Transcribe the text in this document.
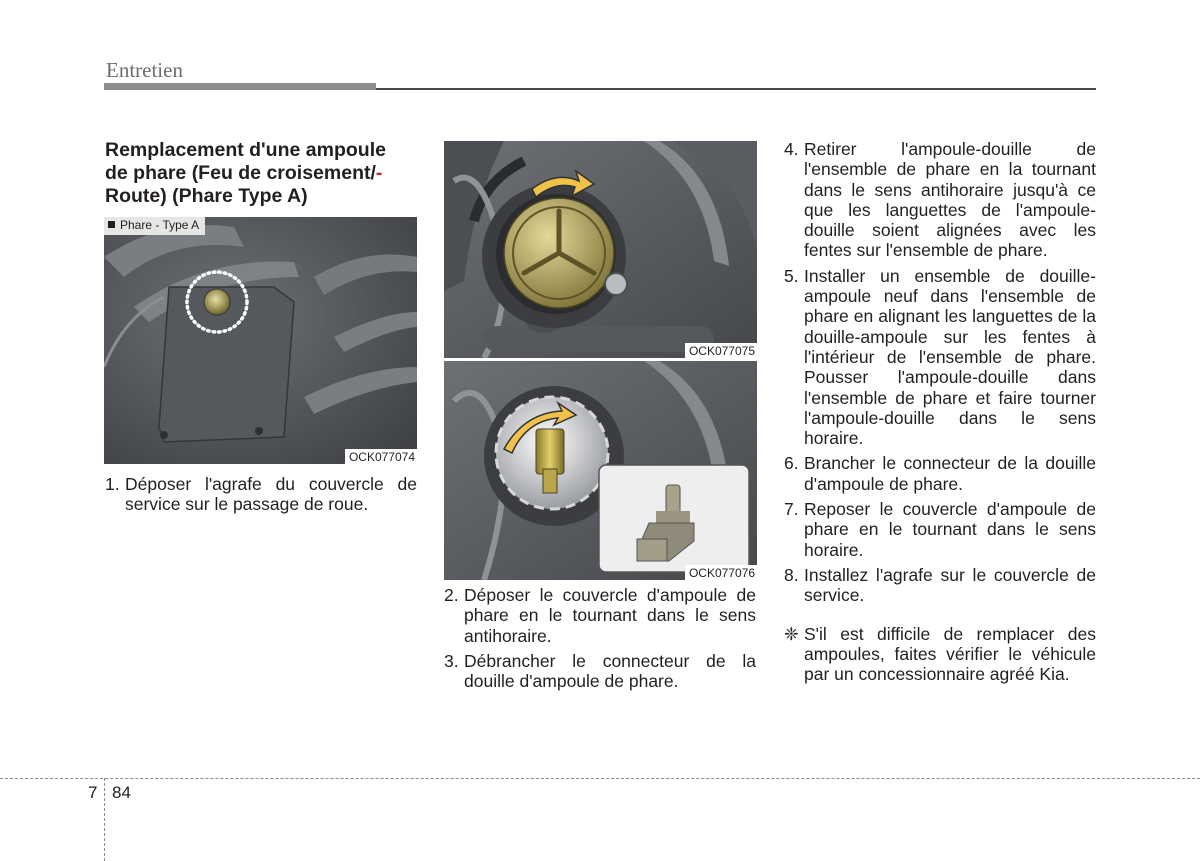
Entretien
Remplacement d'une ampoule
de phare (Feu de croisement/-
Route) (Phare Type A)
Phare - Type A
OCK077074
OCK077075
OCK077076
1. Déposer l'agrafe du couvercle de service sur le passage de roue.
2. Déposer le couvercle d'ampoule de phare en le tournant dans le sens antihoraire.
3. Débrancher le connecteur de la douille d'ampoule de phare.
4. Retirer l'ampoule-douille de l'ensemble de phare en la tournant dans le sens antihoraire jusqu'à ce que les languettes de l'ampoule-douille soient alignées avec les fentes sur l'ensemble de phare.
5. Installer un ensemble de douille-ampoule neuf dans l'ensemble de phare en alignant les languettes de la douille-ampoule sur les fentes à l'intérieur de l'ensemble de phare. Pousser l'ampoule-douille dans l'ensemble de phare et faire tourner l'ampoule-douille dans le sens horaire.
6. Brancher le connecteur de la douille d'ampoule de phare.
7. Reposer le couvercle d'ampoule de phare en le tournant dans le sens horaire.
8. Installez l'agrafe sur le couvercle de service.
❈ S'il est difficile de remplacer des ampoules, faites vérifier le véhicule par un concessionnaire agréé Kia.
7 84
